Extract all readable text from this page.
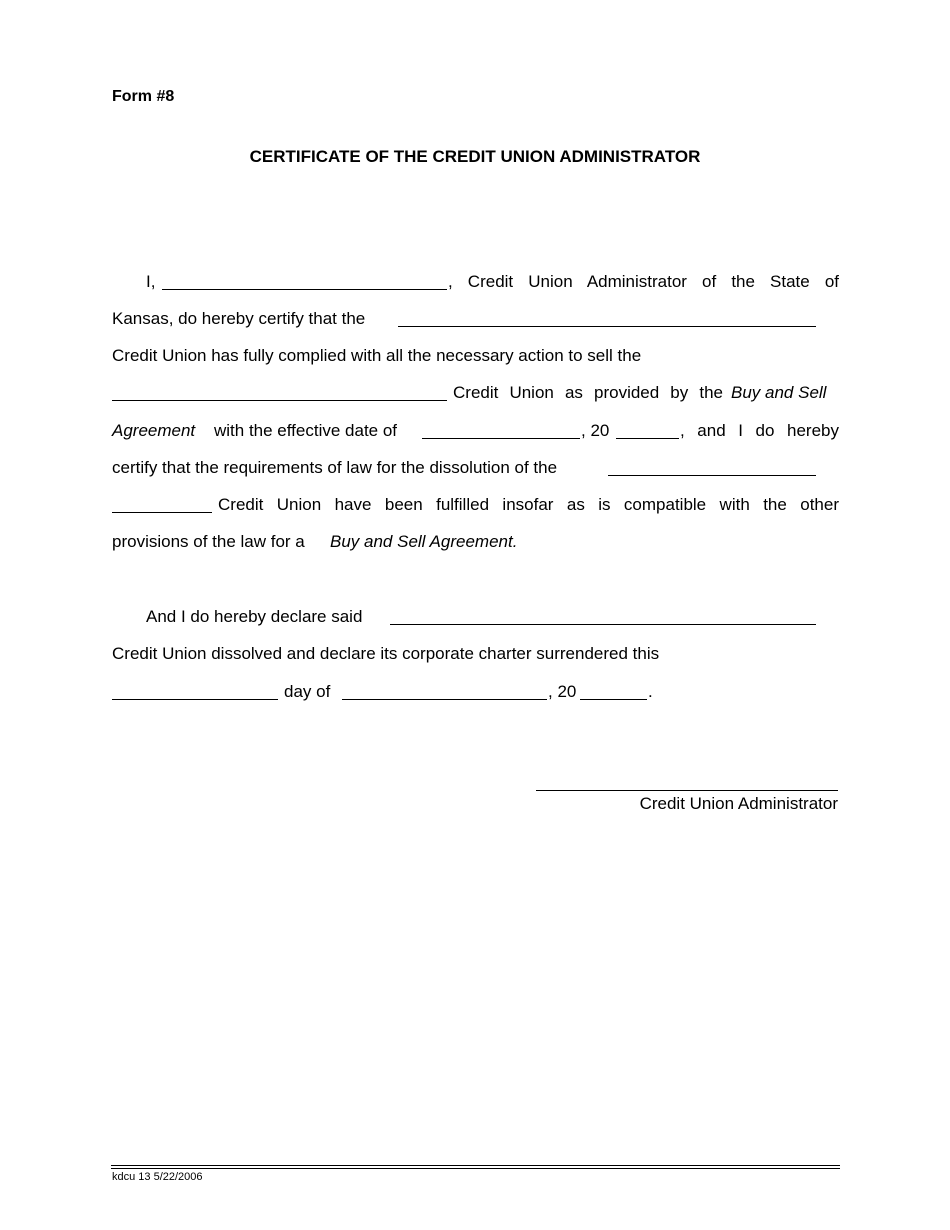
Form #8
CERTIFICATE OF THE CREDIT UNION ADMINISTRATOR
I,	, Credit Union Administrator of the State of
Kansas, do hereby certify that the
Credit Union has fully complied with all the necessary action to sell the
Credit Union as provided by the Buy and Sell
Agreement with the effective date of	, 20	, and I do hereby
certify that the requirements of law for the dissolution of the
Credit Union have been fulfilled insofar as is compatible with the other
provisions of the law for a Buy and Sell Agreement.
And I do hereby declare said
Credit Union dissolved and declare its corporate charter surrendered this
day of	, 20	.
Credit Union Administrator
kdcu 13 5/22/2006
